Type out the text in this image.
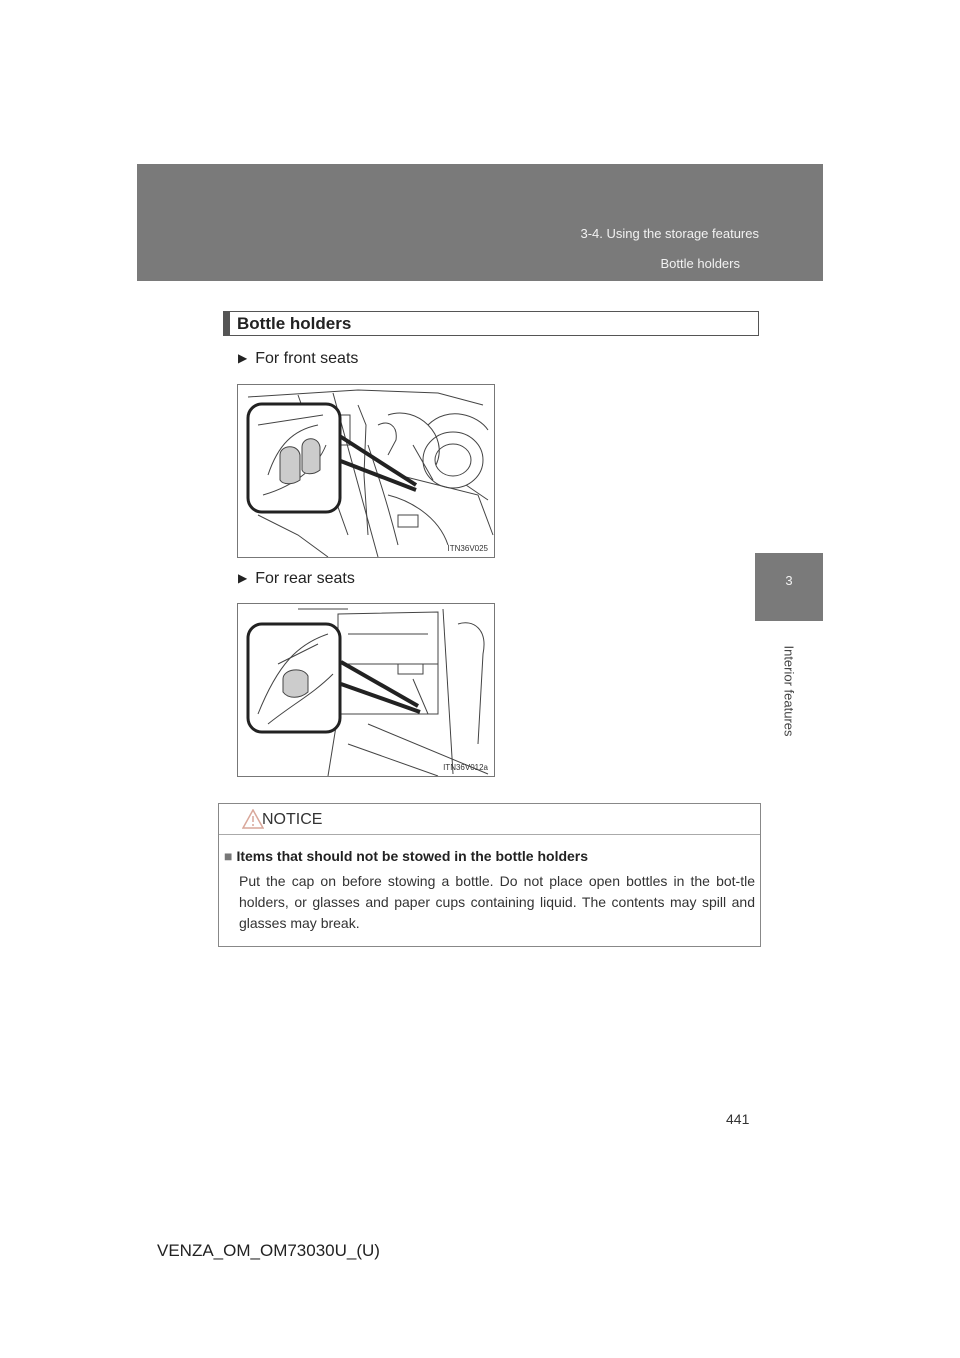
3-4. Using the storage features
Bottle holders
3
Interior features
Bottle holders
▶ For front seats
ITN36V025
▶ For rear seats
ITN36V012a
NOTICE
■ Items that should not be stowed in the bottle holders
Put the cap on before stowing a bottle. Do not place open bottles in the bot-tle holders, or glasses and paper cups containing liquid. The contents may spill and glasses may break.
441
VENZA_OM_OM73030U_(U)
